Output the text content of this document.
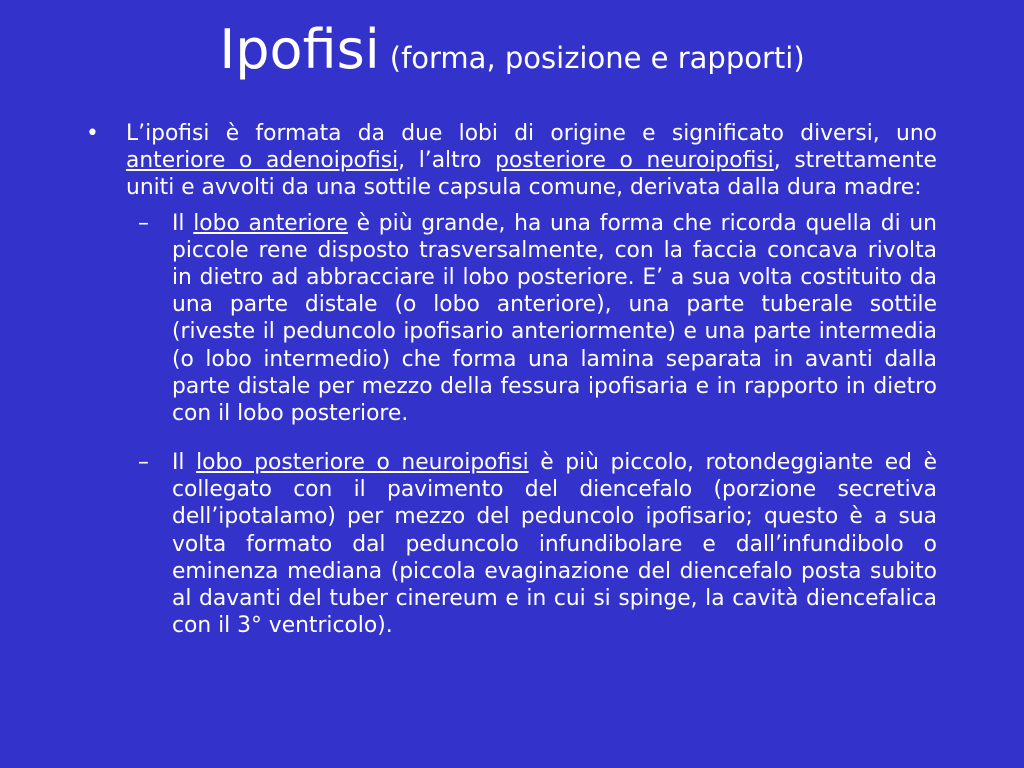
Ipofisi (forma, posizione e rapporti)

•	L’ipofisi è formata da due lobi di origine e significato diversi, uno anteriore o adenoipofisi, l’altro posteriore o neuroipofisi, strettamente uniti e avvolti da una sottile capsula comune, derivata dalla dura madre:

– Il lobo anteriore è più grande, ha una forma che ricorda quella di un piccole rene disposto trasversalmente, con la faccia concava rivolta in dietro ad abbracciare il lobo posteriore. E’ a sua volta costituito da una parte distale (o lobo anteriore), una parte tuberale sottile (riveste il peduncolo ipofisario anteriormente) e una parte intermedia (o lobo intermedio) che forma una lamina separata in avanti dalla parte distale per mezzo della fessura ipofisaria e in rapporto in dietro con il lobo posteriore.

– Il lobo posteriore o neuroipofisi è più piccolo, rotondeggiante ed è collegato con il pavimento del diencefalo (porzione secretiva dell’ipotalamo) per mezzo del peduncolo ipofisario; questo è a sua volta formato dal peduncolo infundibolare e dall’infundibolo o eminenza mediana (piccola evaginazione del diencefalo posta subito al davanti del tuber cinereum e in cui si spinge, la cavità diencefalica con il 3° ventricolo).
